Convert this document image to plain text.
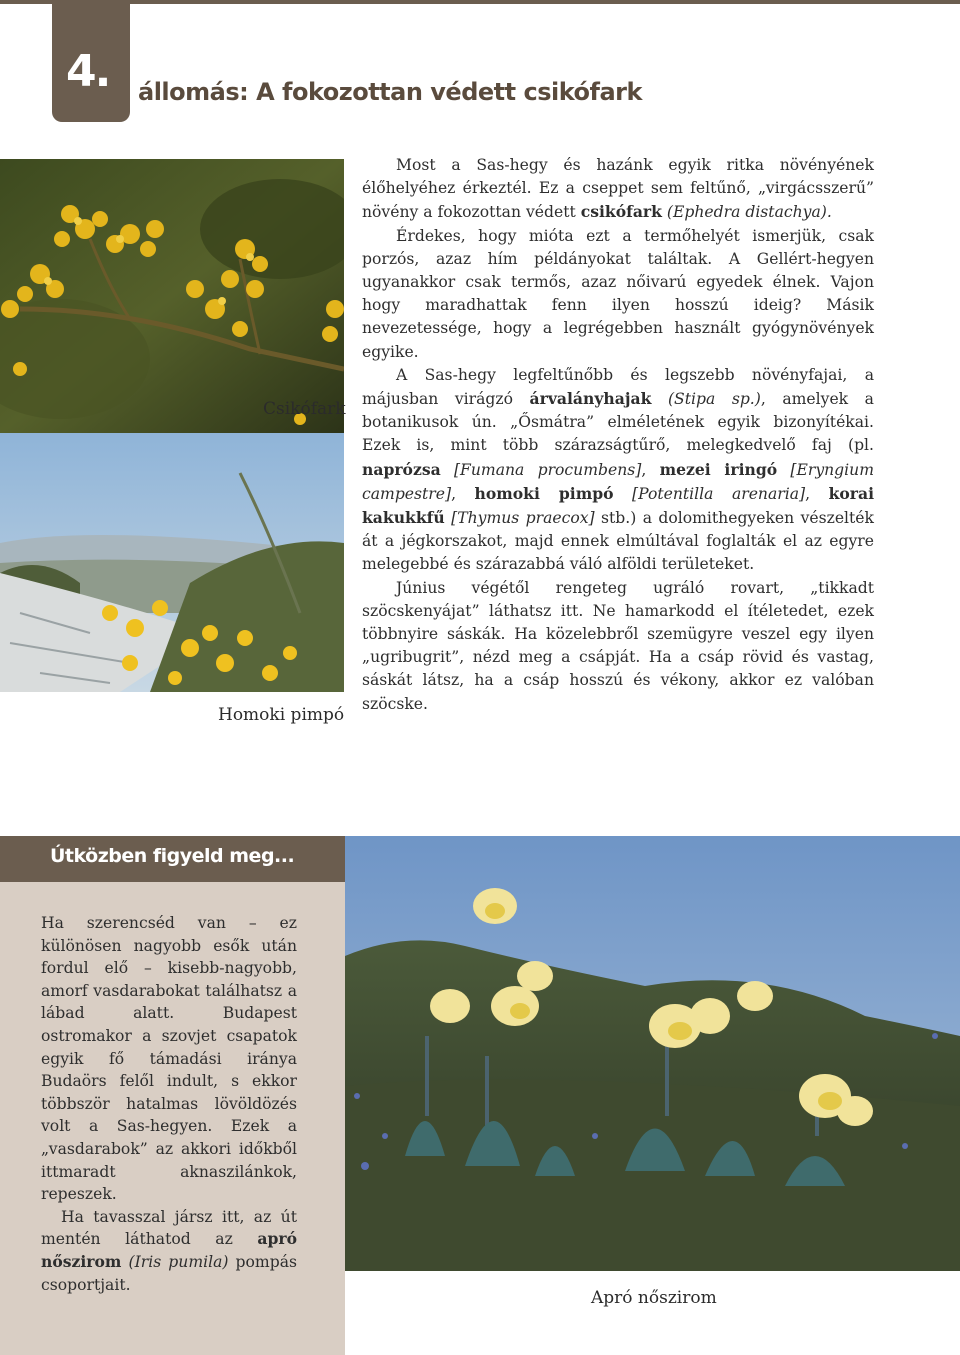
4. állomás: A fokozottan védett csikófark
Csikófark
Homoki pimpó

Most a Sas-hegy és hazánk egyik ritka növényének élőhelyéhez érkeztél. Ez a cseppet sem feltűnő, „virgácsszerű” növény a fokozottan védett csikófark (Ephedra distachya).

Érdekes, hogy mióta ezt a termőhelyét ismerjük, csak porzós, azaz hím példányokat találtak. A Gellért-hegyen ugyanakkor csak termős, azaz nőivarú egyedek élnek. Vajon hogy maradhattak fenn ilyen hosszú ideig? Másik nevezetessége, hogy a legrégebben használt gyógynövények egyike.

A Sas-hegy legfeltűnőbb és legszebb növényfajai, a májusban virágzó árvalányhajak (Stipa sp.), amelyek a botanikusok ún. „Ősmátra” elméletének egyik bizonyítékai. Ezek is, mint több szárazságtűrő, melegkedvelő faj (pl. naprózsa [Fumana procumbens], mezei iringó [Eryngium campestre], homoki pimpó [Potentilla arenaria], korai kakukkfű [Thymus praecox] stb.) a dolomithegyeken vészelték át a jégkorszakot, majd ennek elmúltával foglalták el az egyre melegebbé és szárazabbá váló alföldi területeket.

Június végétől rengeteg ugráló rovart, „tikkadt szöcskenyájat” láthatsz itt. Ne hamarkodd el ítéletedet, ezek többnyire sáskák. Ha közelebbről szemügyre veszel egy ilyen „ugribugrit”, nézd meg a csápját. Ha a csáp rövid és vastag, sáskát látsz, ha a csáp hosszú és vékony, akkor ez valóban szöcske.

Útközben figyeld meg...

Ha szerencséd van – ez különösen nagyobb esők után fordul elő – kisebb-nagyobb, amorf vasdarabokat találhatsz a lábad alatt. Budapest ostromakor a szovjet csapatok egyik fő támadási iránya Budaörs felől indult, s ekkor többször hatalmas lövöldözés volt a Sas-hegyen. Ezek a „vasdarabok” az akkori időkből ittmaradt aknaszilánkok, repeszek.

Ha tavasszal jársz itt, az út mentén láthatod az apró nőszirom (Iris pumila) pompás csoportjait.

Apró nőszirom
